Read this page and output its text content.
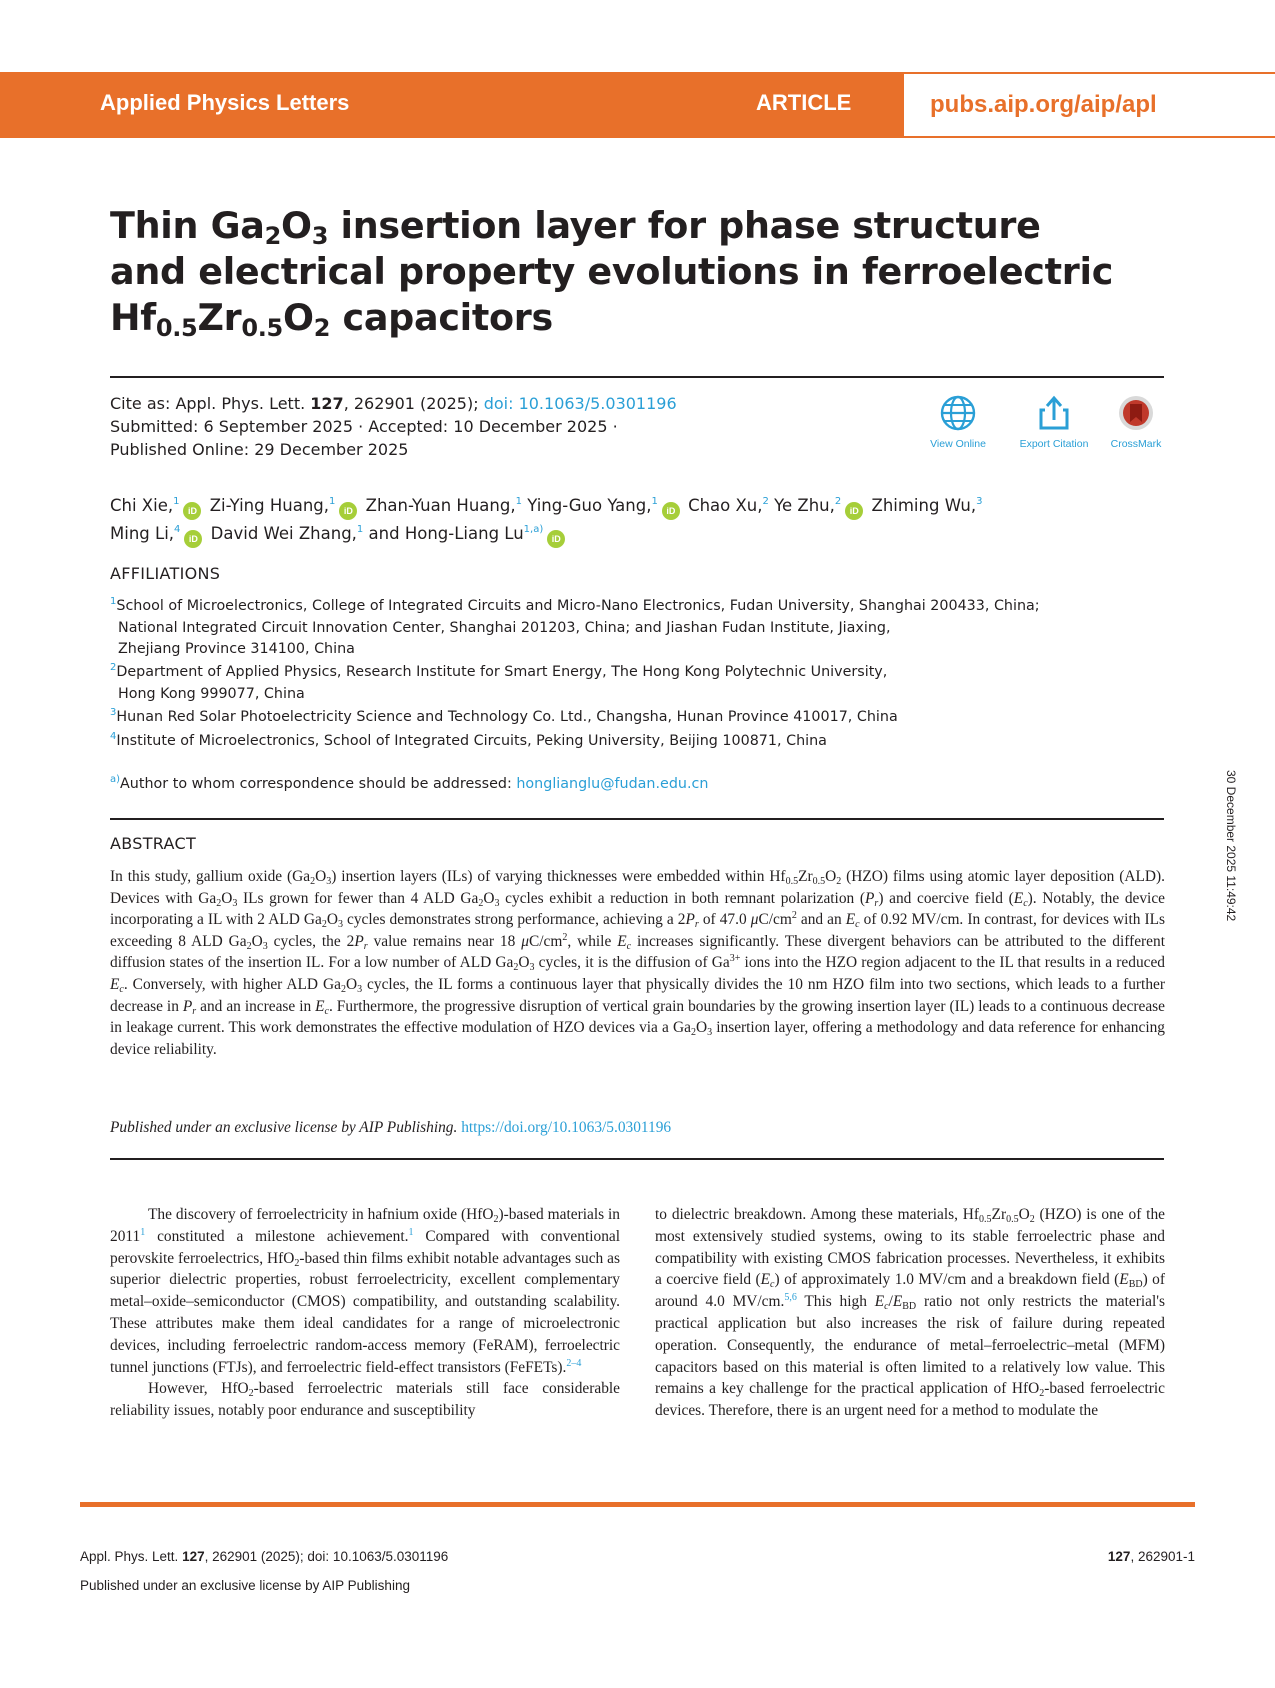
Applied Physics Letters	ARTICLE	pubs.aip.org/aip/apl
Thin $Ga_2O_3$ insertion layer for phase structure
and electrical property evolutions in ferroelectric
$Hf_{0.5}Zr_{0.5}O_2$ capacitors
Cite as: Appl. Phys. Lett. 127, 262901 (2025); doi: 10.1063/5.0301196
Submitted: 6 September 2025 · Accepted: 10 December 2025 ·
Published Online: 29 December 2025	View Online	Export Citation	CrossMark
Chi Xie,$^1$iD Zi-Ying Huang,$^1$iD Zhan-Yuan Huang,$^1$ Ying-Guo Yang,$^1$iD Chao Xu,$^2$ Ye Zhu,$^2$iD Zhiming Wu,$^3$
Ming Li,$^4$iD David Wei Zhang,$^1$ and Hong-Liang Lu$^{1,a)}$iD
AFFILIATIONS
$^1$School of Microelectronics, College of Integrated Circuits and Micro-Nano Electronics, Fudan University, Shanghai 200433, China;
National Integrated Circuit Innovation Center, Shanghai 201203, China; and Jiashan Fudan Institute, Jiaxing,
Zhejiang Province 314100, China
$^2$Department of Applied Physics, Research Institute for Smart Energy, The Hong Kong Polytechnic University,
Hong Kong 999077, China
$^3$Hunan Red Solar Photoelectricity Science and Technology Co. Ltd., Changsha, Hunan Province 410017, China
$^4$Institute of Microelectronics, School of Integrated Circuits, Peking University, Beijing 100871, China
$^{a)}$Author to whom correspondence should be addressed: honglianglu@fudan.edu.cn
ABSTRACT
In this study, gallium oxide $(Ga_2O_3)$ insertion layers (ILs) of varying thicknesses were embedded within $Hf_{0.5}Zr_{0.5}O_2$ (HZO) films using atomic layer deposition (ALD). Devices with $Ga_2O_3$ ILs grown for fewer than 4 ALD $Ga_2O_3$ cycles exhibit a reduction in both remnant polarization $(P_r)$ and coercive field $(E_c)$. Notably, the device incorporating a IL with 2 ALD $Ga_2O_3$ cycles demonstrates strong performance, achieving a $2P_r$ of 47.0 $\mu C/cm^2$ and an $E_c$ of 0.92 MV/cm. In contrast, for devices with ILs exceeding 8 ALD $Ga_2O_3$ cycles, the $2P_r$ value remains near 18 $\mu C/cm^2$, while $E_c$ increases significantly. These divergent behaviors can be attributed to the different diffusion states of the insertion IL. For a low number of ALD $Ga_2O_3$ cycles, it is the diffusion of $Ga^{3+}$ ions into the HZO region adjacent to the IL that results in a reduced $E_c$. Conversely, with higher ALD $Ga_2O_3$ cycles, the IL forms a continuous layer that physically divides the 10 nm HZO film into two sections, which leads to a further decrease in $P_r$ and an increase in $E_c$. Furthermore, the progressive disruption of vertical grain boundaries by the growing insertion layer (IL) leads to a continuous decrease in leakage current. This work demonstrates the effective modulation of HZO devices via a $Ga_2O_3$ insertion layer, offering a methodology and data reference for enhancing device reliability.
Published under an exclusive license by AIP Publishing. https://doi.org/10.1063/5.0301196

The discovery of ferroelectricity in hafnium oxide (HfO$_2$)-based materials in 2011$^1$ constituted a milestone achievement.$^1$ Compared with conventional perovskite ferroelectrics, HfO$_2$-based thin films exhibit notable advantages such as superior dielectric properties, robust ferroelectricity, excellent complementary metal–oxide–semiconductor (CMOS) compatibility, and outstanding scalability. These attributes make them ideal candidates for a range of microelectronic devices, including ferroelectric random-access memory (FeRAM), ferroelectric tunnel junctions (FTJs), and ferroelectric field-effect transistors (FeFETs).$^{2-4}$

However, HfO$_2$-based ferroelectric materials still face considerable reliability issues, notably poor endurance and susceptibility

to dielectric breakdown. Among these materials, $Hf_{0.5}Zr_{0.5}O_2$ (HZO) is one of the most extensively studied systems, owing to its stable ferroelectric phase and compatibility with existing CMOS fabrication processes. Nevertheless, it exhibits a coercive field $(E_c)$ of approximately 1.0 MV/cm and a breakdown field $(E_{BD})$ of around 4.0 MV/cm.$^{5,6}$ This high $E_c/E_{BD}$ ratio not only restricts the material's practical application but also increases the risk of failure during repeated operation. Consequently, the endurance of metal–ferroelectric–metal (MFM) capacitors based on this material is often limited to a relatively low value. This remains a key challenge for the practical application of HfO$_2$-based ferroelectric devices. Therefore, there is an urgent need for a method to modulate the

Appl. Phys. Lett. 127, 262901 (2025); doi: 10.1063/5.0301196
Published under an exclusive license by AIP Publishing
127, 262901-1
30 December 2025 11:49:42
